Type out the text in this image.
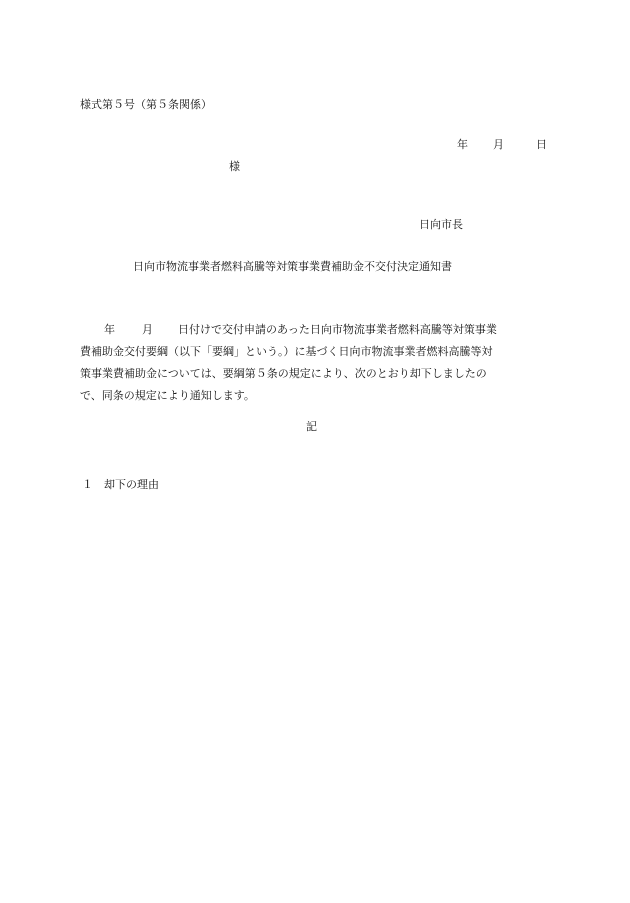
様式第５号（第５条関係）
年 月	日
様
日向市長
日向市物流事業者燃料高騰等対策事業費補助金不交付決定通知書
年 月 日付けで交付申請のあった日向市物流事業者燃料高騰等対策事業
費補助金交付要綱（以下「要綱」という。）に基づく日向市物流事業者燃料高騰等対
策事業費補助金については、要綱第５条の規定により、次のとおり却下しましたの
で、同条の規定により通知します。
記
１ 却下の理由
